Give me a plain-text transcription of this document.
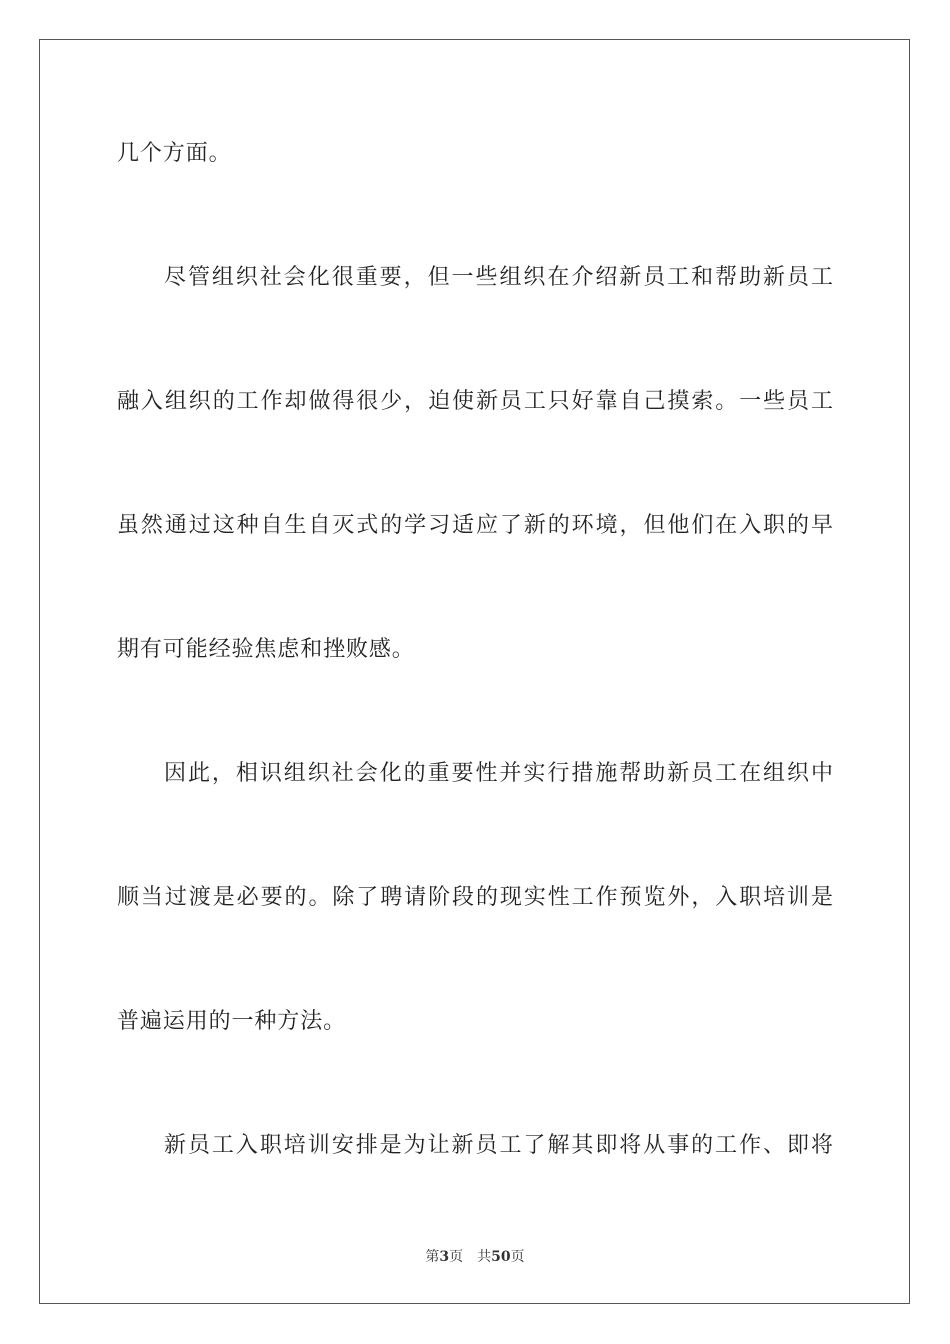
几个方面。
尽管组织社会化很重要，但一些组织在介绍新员工和帮助新员工
融入组织的工作却做得很少，迫使新员工只好靠自己摸索。一些员工
虽然通过这种自生自灭式的学习适应了新的环境，但他们在入职的早
期有可能经验焦虑和挫败感。
因此，相识组织社会化的重要性并实行措施帮助新员工在组织中
顺当过渡是必要的。除了聘请阶段的现实性工作预览外，入职培训是
普遍运用的一种方法。
新员工入职培训安排是为让新员工了解其即将从事的工作、即将
第3页 共50页
